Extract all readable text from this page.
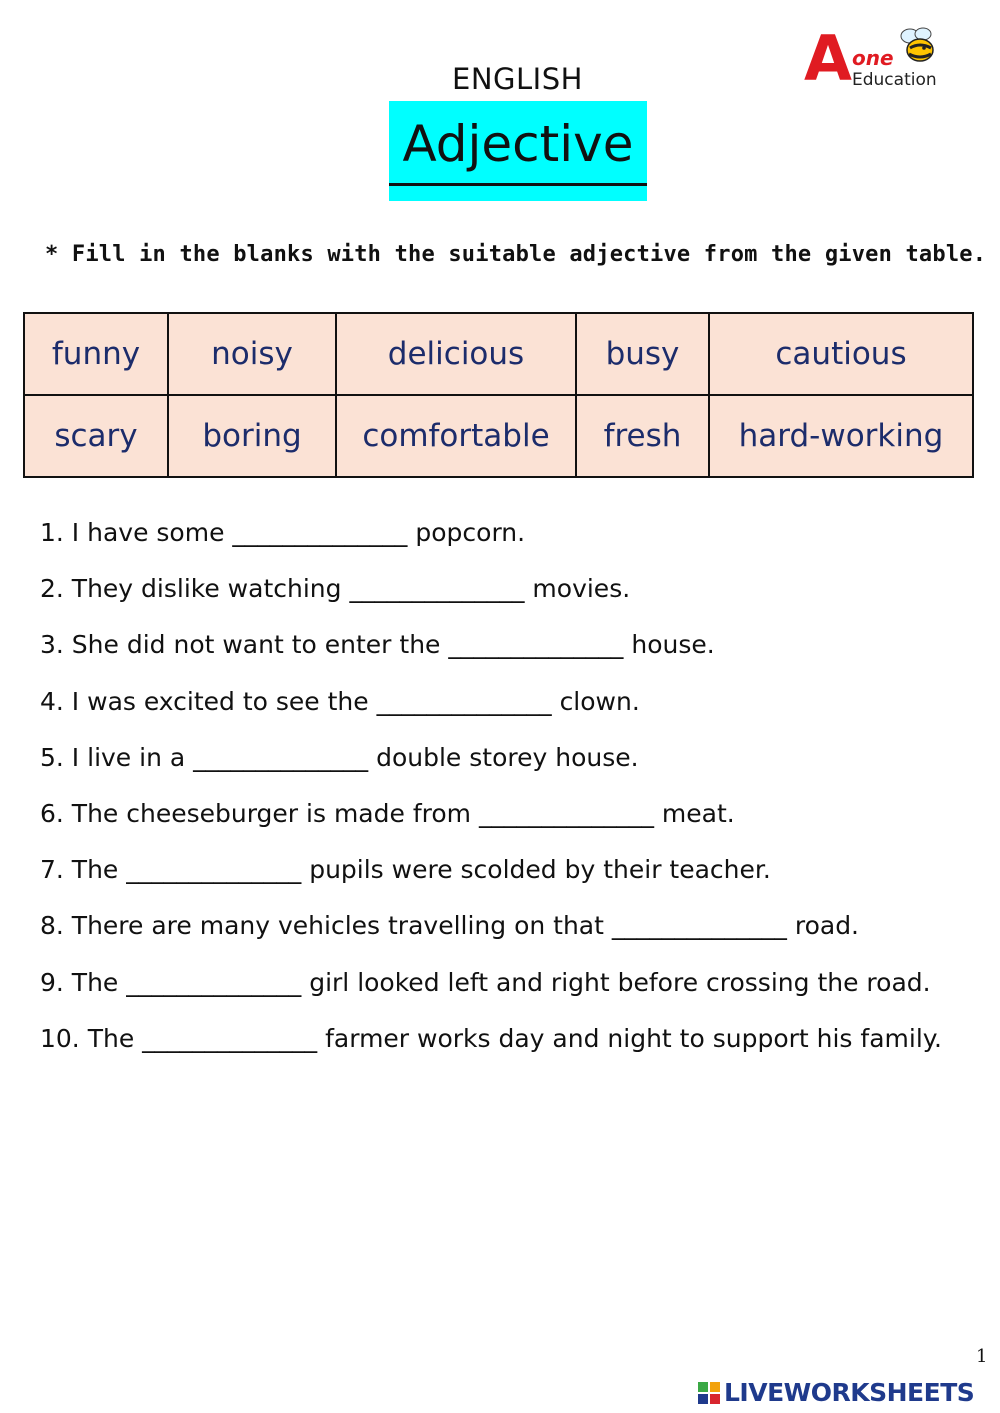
ENGLISH
Adjective
A one
Education
* Fill in the blanks with the suitable adjective from the given table.
funny	noisy	delicious	busy	cautious
scary	boring	comfortable	fresh	hard-working
1. I have some ______________ popcorn.
2. They dislike watching ______________ movies.
3. She did not want to enter the ______________ house.
4. I was excited to see the ______________ clown.
5. I live in a ______________ double storey house.
6. The cheeseburger is made from ______________ meat.
7. The ______________ pupils were scolded by their teacher.
8. There are many vehicles travelling on that ______________ road.
9. The ______________ girl looked left and right before crossing the road.
10. The ______________ farmer works day and night to support his family.
1
LIVEWORKSHEETS
